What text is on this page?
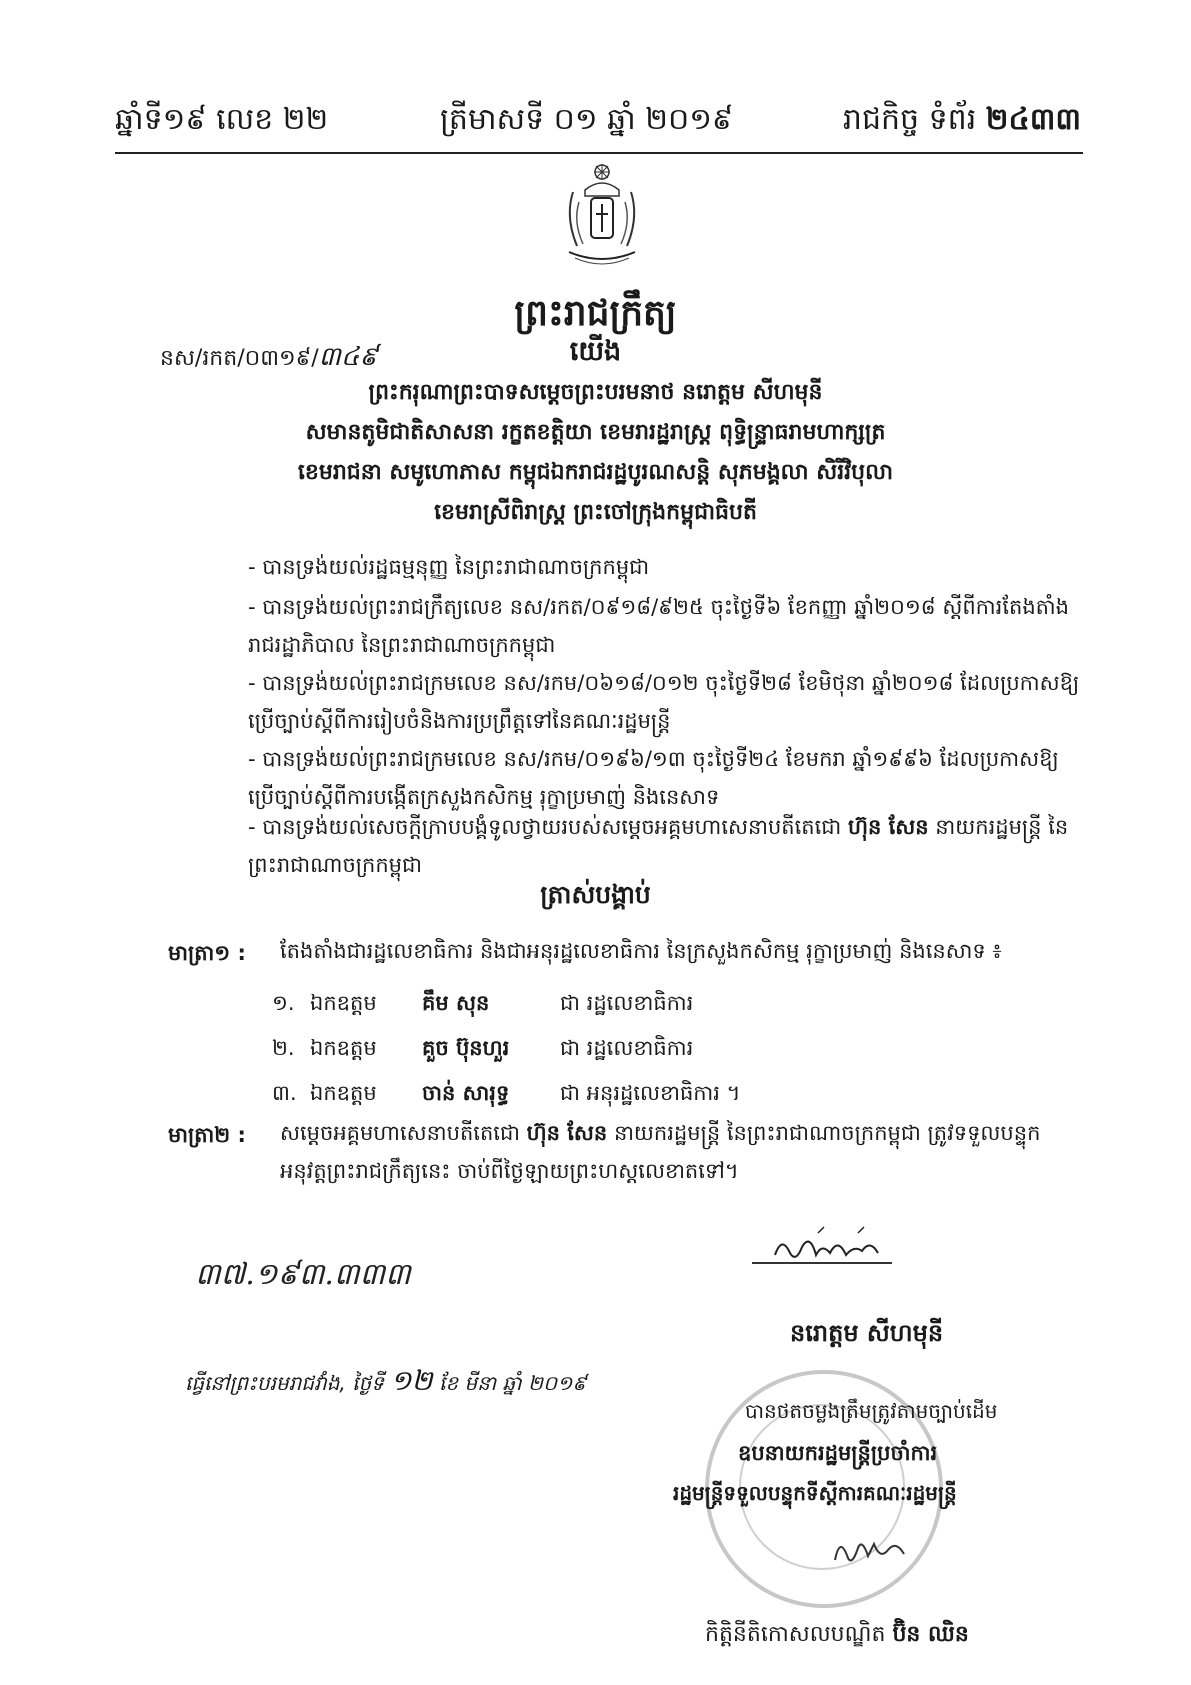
ឆ្នាំទី១៩ លេខ ២២	ត្រីមាសទី ០១ ឆ្នាំ ២០១៩	រាជកិច្ច ទំព័រ ២៤៣៣
ព្រះរាជក្រឹត្យ
នស/រកត/០៣១៩/៣៤៩	យើង
ព្រះករុណាព្រះបាទសម្តេចព្រះបរមនាថ នរោត្តម សីហមុនី
សមានតូមិជាតិសាសនា រក្ខតខត្តិយា ខេមរារដ្ឋរាស្ត្រ ពុទ្ធិន្ទ្រាធរាមហាក្សត្រ
ខេមរាជនា សមូហោភាស កម្ពុជឯករាជរដ្ឋបូរណសន្តិ សុភមង្គលា សិរីវិបុលា
ខេមរាស្រីពិរាស្ត្រ ព្រះចៅក្រុងកម្ពុជាធិបតី
- បានទ្រង់យល់រដ្ឋធម្មនុញ្ញ នៃព្រះរាជាណាចក្រកម្ពុជា
- បានទ្រង់យល់ព្រះរាជក្រឹត្យលេខ នស/រកត/០៩១៨/៩២៥ ចុះថ្ងៃទី៦ ខែកញ្ញា ឆ្នាំ២០១៨ ស្តីពីការតែងតាំងរាជរដ្ឋាភិបាល នៃព្រះរាជាណាចក្រកម្ពុជា
- បានទ្រង់យល់ព្រះរាជក្រមលេខ នស/រកម/០៦១៨/០១២ ចុះថ្ងៃទី២៨ ខែមិថុនា ឆ្នាំ២០១៨ ដែលប្រកាសឱ្យប្រើច្បាប់ស្តីពីការរៀបចំនិងការប្រព្រឹត្តទៅនៃគណៈរដ្ឋមន្ត្រី
- បានទ្រង់យល់ព្រះរាជក្រមលេខ នស/រកម/០១៩៦/១៣ ចុះថ្ងៃទី២៤ ខែមករា ឆ្នាំ១៩៩៦ ដែលប្រកាសឱ្យប្រើច្បាប់ស្តីពីការបង្កើតក្រសួងកសិកម្ម រុក្ខាប្រមាញ់ និងនេសាទ
- បានទ្រង់យល់សេចក្តីក្រាបបង្គំទូលថ្វាយរបស់សម្តេចអគ្គមហាសេនាបតីតេជោ ហ៊ុន សែន នាយករដ្ឋមន្ត្រី នៃព្រះរាជាណាចក្រកម្ពុជា
ត្រាស់បង្គាប់
មាត្រា១ : តែងតាំងជារដ្ឋលេខាធិការ និងជាអនុរដ្ឋលេខាធិការ នៃក្រសួងកសិកម្ម រុក្ខាប្រមាញ់ និងនេសាទ ៖
១. ឯកឧត្តម គឹម សុន	ជា រដ្ឋលេខាធិការ
២. ឯកឧត្តម គួច ប៊ុនហួរ ជា រដ្ឋលេខាធិការ
៣. ឯកឧត្តម ចាន់ សារុទ្ធ ជា អនុរដ្ឋលេខាធិការ ។
មាត្រា២ : សម្តេចអគ្គមហាសេនាបតីតេជោ ហ៊ុន សែន នាយករដ្ឋមន្ត្រី នៃព្រះរាជាណាចក្រកម្ពុជា ត្រូវទទួលបន្ទុកអនុវត្តព្រះរាជក្រឹត្យនេះ ចាប់ពីថ្ងៃឡាយព្រះហស្តលេខាតទៅ។
៣៧.១៩៣.៣៣៣
នរោត្តម សីហមុនី
ធ្វើនៅព្រះបរមរាជវាំង, ថ្ងៃទី ១២ ខែ មីនា ឆ្នាំ ២០១៩
បានថតចម្លងត្រឹមត្រូវតាមច្បាប់ដើម
ឧបនាយករដ្ឋមន្ត្រីប្រចាំការ
រដ្ឋមន្ត្រីទទួលបន្ទុកទីស្តីការគណៈរដ្ឋមន្ត្រី
កិត្តិនីតិកោសលបណ្ឌិត ប៊ិន ឈិន
